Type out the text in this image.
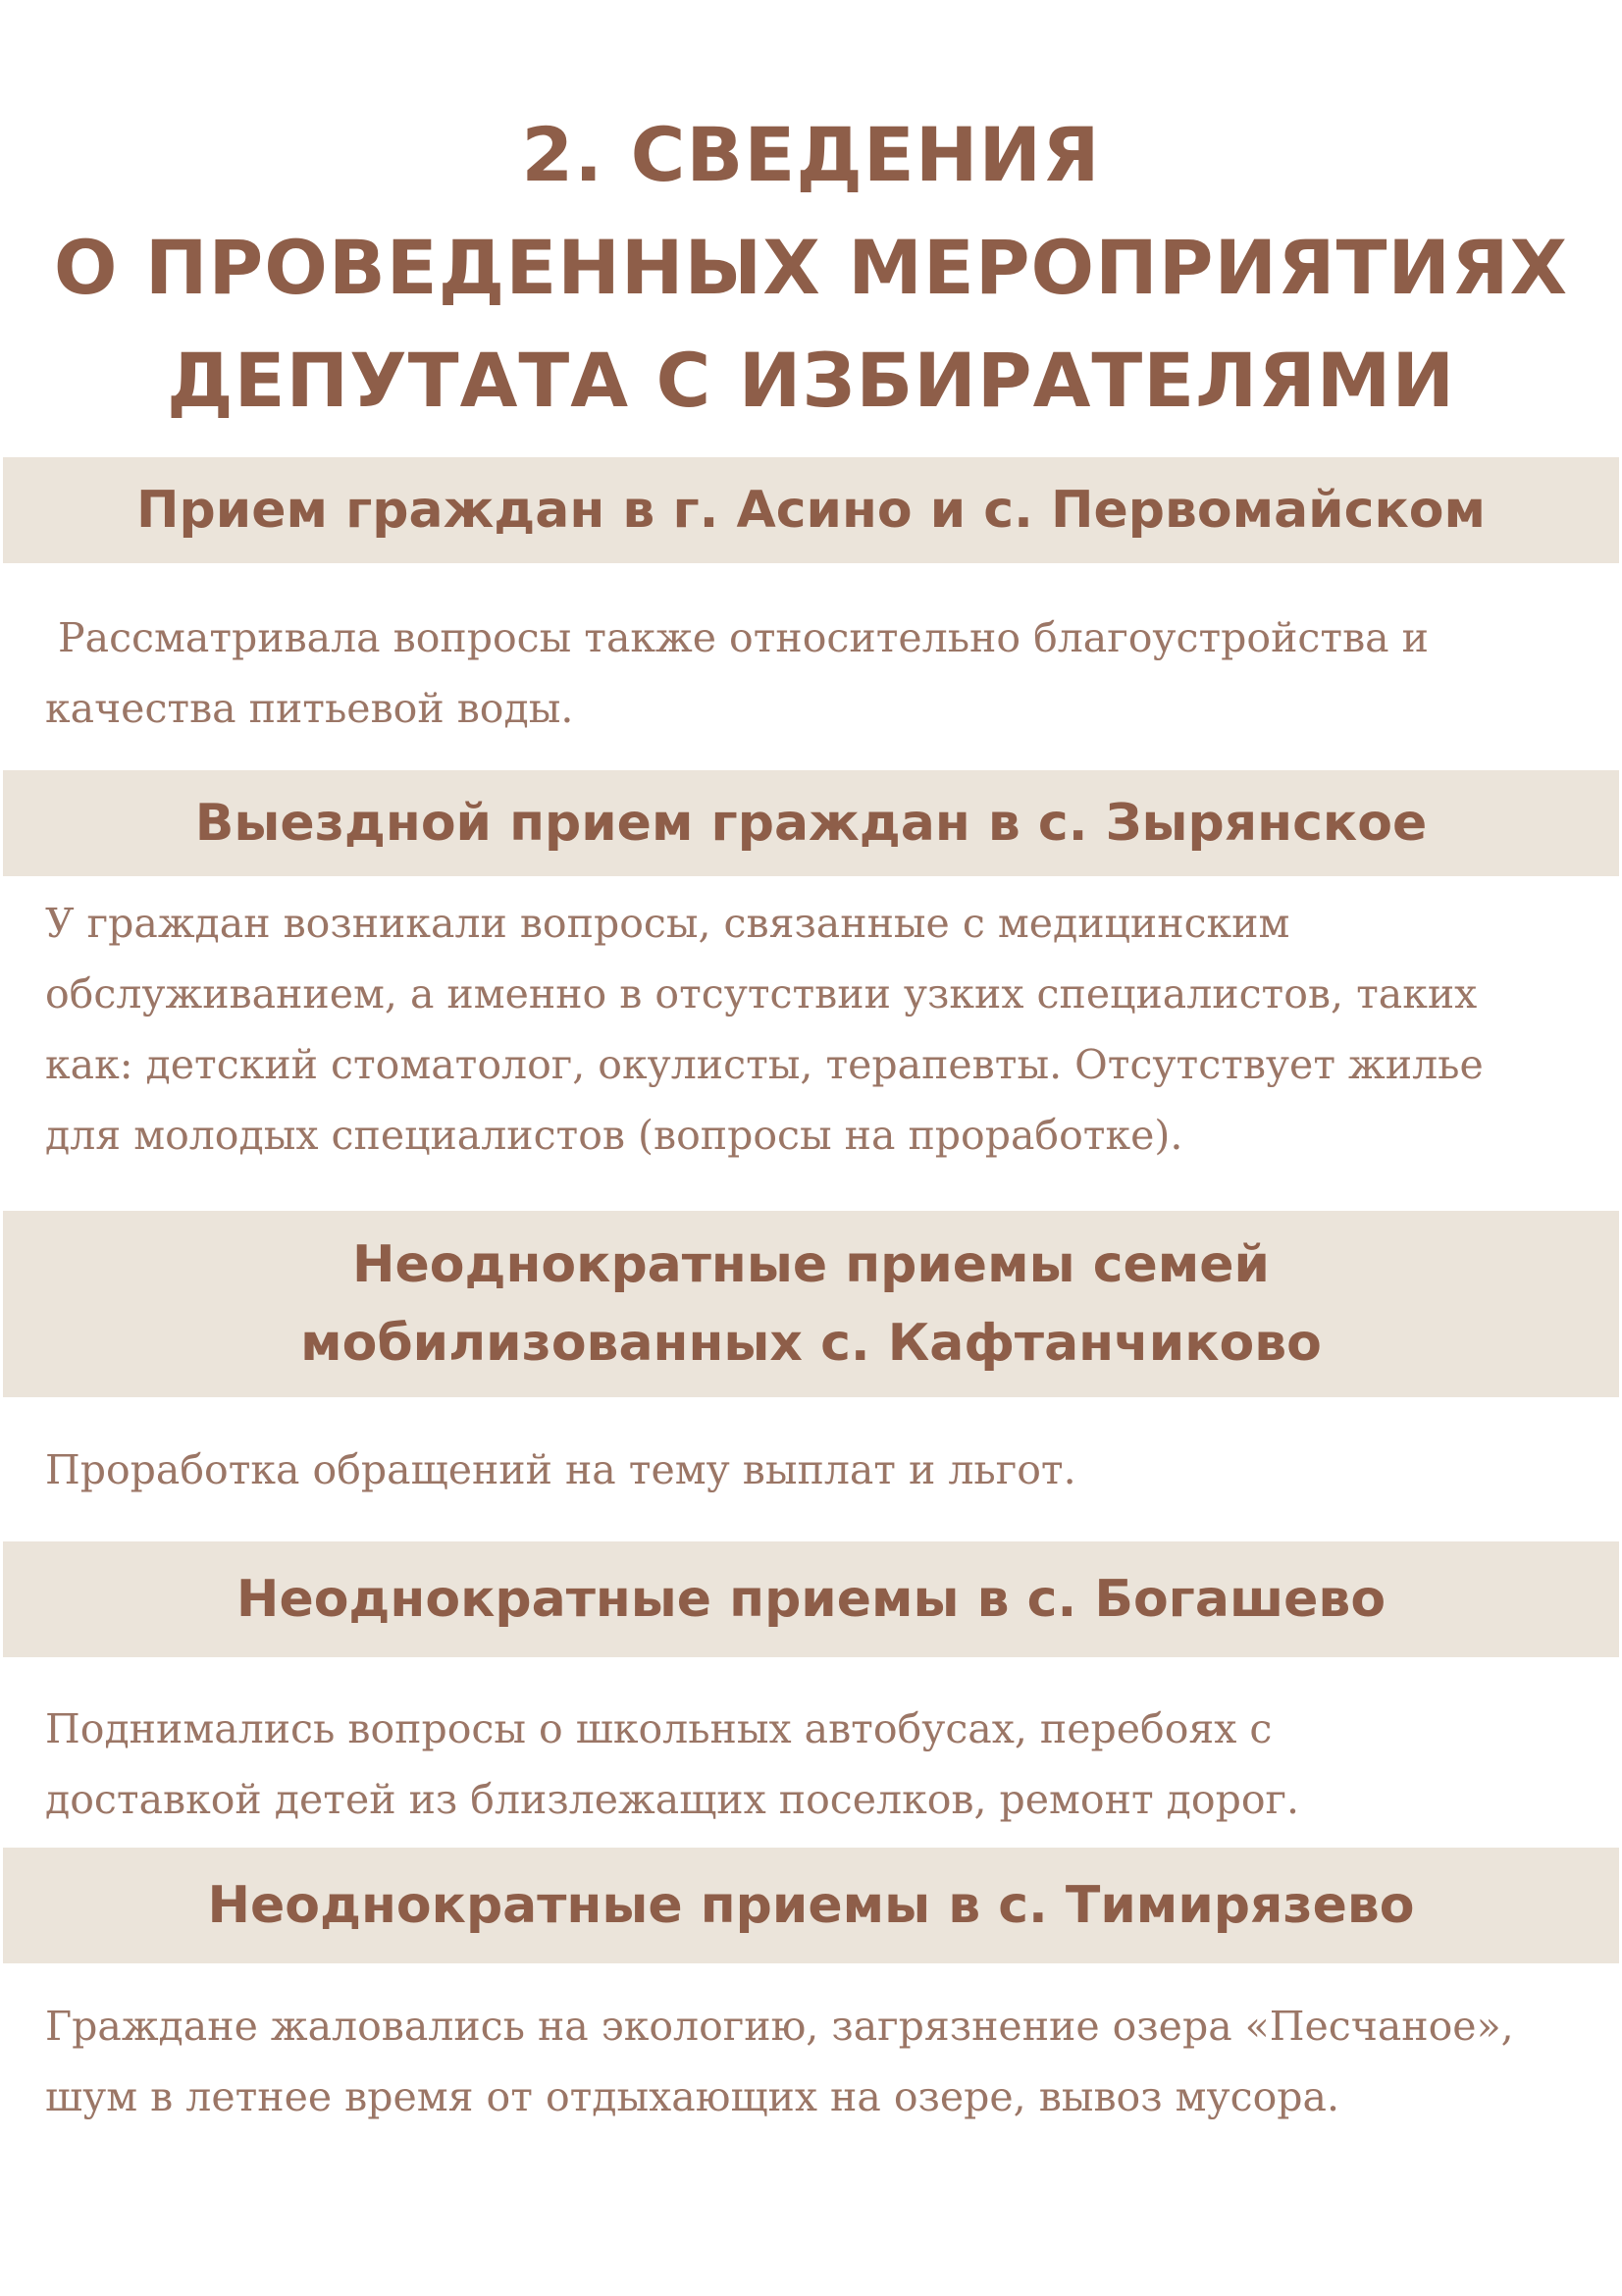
2. СВЕДЕНИЯ
О ПРОВЕДЕННЫХ МЕРОПРИЯТИЯХ
ДЕПУТАТА С ИЗБИРАТЕЛЯМИ
Прием граждан в г. Асино и с. Первомайском
Рассматривала вопросы также относительно благоустройства и
качества питьевой воды.
Выездной прием граждан в с. Зырянское
У граждан возникали вопросы, связанные с медицинским
обслуживанием, а именно в отсутствии узких специалистов, таких
как: детский стоматолог, окулисты, терапевты. Отсутствует жилье
для молодых специалистов (вопросы на проработке).
Неоднократные приемы семей
мобилизованных с. Кафтанчиково
Проработка обращений на тему выплат и льгот.
Неоднократные приемы в с. Богашево
Поднимались вопросы о школьных автобусах, перебоях с
доставкой детей из близлежащих поселков, ремонт дорог.
Неоднократные приемы в с. Тимирязево
Граждане жаловались на экологию, загрязнение озера «Песчаное»,
шум в летнее время от отдыхающих на озере, вывоз мусора.
